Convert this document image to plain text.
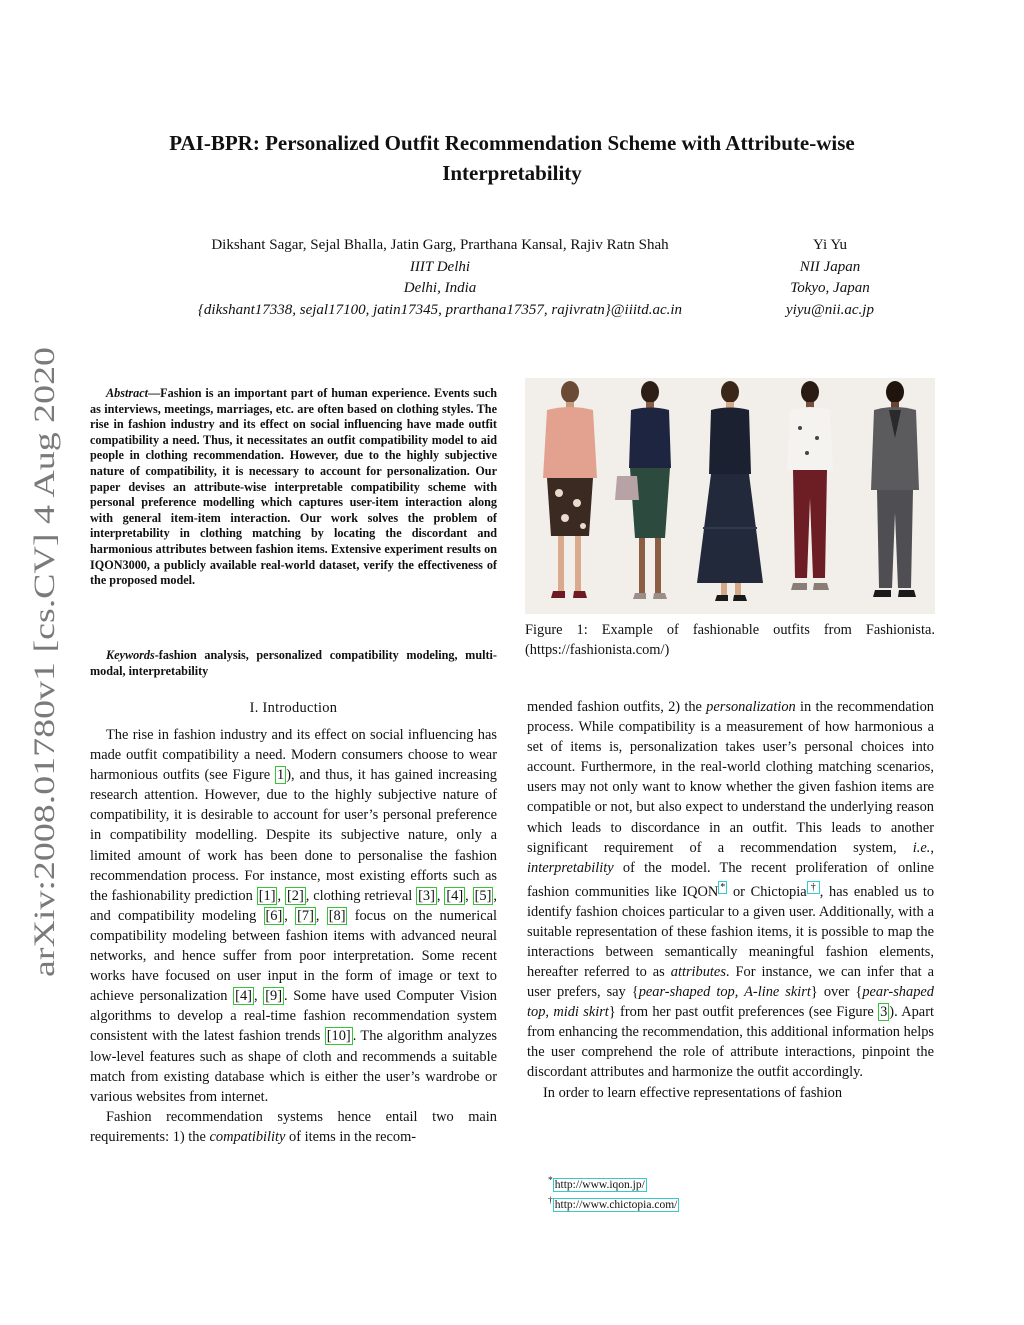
PAI-BPR: Personalized Outfit Recommendation Scheme with Attribute-wise
Interpretability
Dikshant Sagar, Sejal Bhalla, Jatin Garg, Prarthana Kansal, Rajiv Ratn Shah
IIIT Delhi
Delhi, India
{dikshant17338, sejal17100, jatin17345, prarthana17357, rajivratn}@iiitd.ac.in
Yi Yu
NII Japan
Tokyo, Japan
yiyu@nii.ac.jp
arXiv:2008.01780v1 [cs.CV] 4 Aug 2020
Abstract—Fashion is an important part of human experience. Events such as interviews, meetings, marriages, etc. are often based on clothing styles. The rise in fashion industry and its effect on social influencing have made outfit compatibility a need. Thus, it necessitates an outfit compatibility model to aid people in clothing recommendation. However, due to the highly subjective nature of compatibility, it is necessary to account for personalization. Our paper devises an attribute-wise interpretable compatibility scheme with personal preference modelling which captures user-item interaction along with general item-item interaction. Our work solves the problem of interpretability in clothing matching by locating the discordant and harmonious attributes between fashion items. Extensive experiment results on IQON3000, a publicly available real-world dataset, verify the effectiveness of the proposed model.
Keywords-fashion analysis, personalized compatibility modeling, multi-modal, interpretability
I. Introduction

The rise in fashion industry and its effect on social influencing has made outfit compatibility a need. Modern consumers choose to wear harmonious outfits (see Figure 1 ), and thus, it has gained increasing research attention. However, due to the highly subjective nature of compatibility, it is desirable to account for user’s personal preference in compatibility modelling. Despite its subjective nature, only a limited amount of work has been done to personalise the fashion recommendation process. For instance, most existing efforts such as the fashionability prediction [1] , [2] , clothing retrieval [3] , [4] , [5] , and compatibility modeling [6] , [7] , [8] focus on the numerical compatibility modeling between fashion items with advanced neural networks, and hence suffer from poor interpretation. Some recent works have focused on user input in the form of image or text to achieve personalization [4] , [9] . Some have used Computer Vision algorithms to develop a real-time fashion recommendation system consistent with the latest fashion trends [10] . The algorithm analyzes low-level features such as shape of cloth and recommends a suitable match from existing database which is either the user’s wardrobe or various websites from internet.

Fashion recommendation systems hence entail two main requirements: 1) the compatibility of items in the recom-

Figure 1: Example of fashionable outfits from Fashionista. (https://fashionista.com/)

mended fashion outfits, 2) the personalization in the recommendation process. While compatibility is a measurement of how harmonious a set of items is, personalization takes user’s personal choices into account. Furthermore, in the real-world clothing matching scenarios, users may not only want to know whether the given fashion items are compatible or not, but also expect to understand the underlying reason which leads to discordance in an outfit. This leads to another significant requirement of a recommendation system, i.e., interpretability of the model. The recent proliferation of online fashion communities like IQON * or Chictopia † , has enabled us to identify fashion choices particular to a given user. Additionally, with a suitable representation of these fashion items, it is possible to map the interactions between semantically meaningful fashion elements, hereafter referred to as attributes. For instance, we can infer that a user prefers, say {pear-shaped top, A-line skirt} over {pear-shaped top, midi skirt} from her past outfit preferences (see Figure 3 ). Apart from enhancing the recommendation, this additional information helps the user comprehend the role of attribute interactions, pinpoint the discordant attributes and harmonize the outfit accordingly.

In order to learn effective representations of fashion

* http://www.iqon.jp/
† http://www.chictopia.com/
